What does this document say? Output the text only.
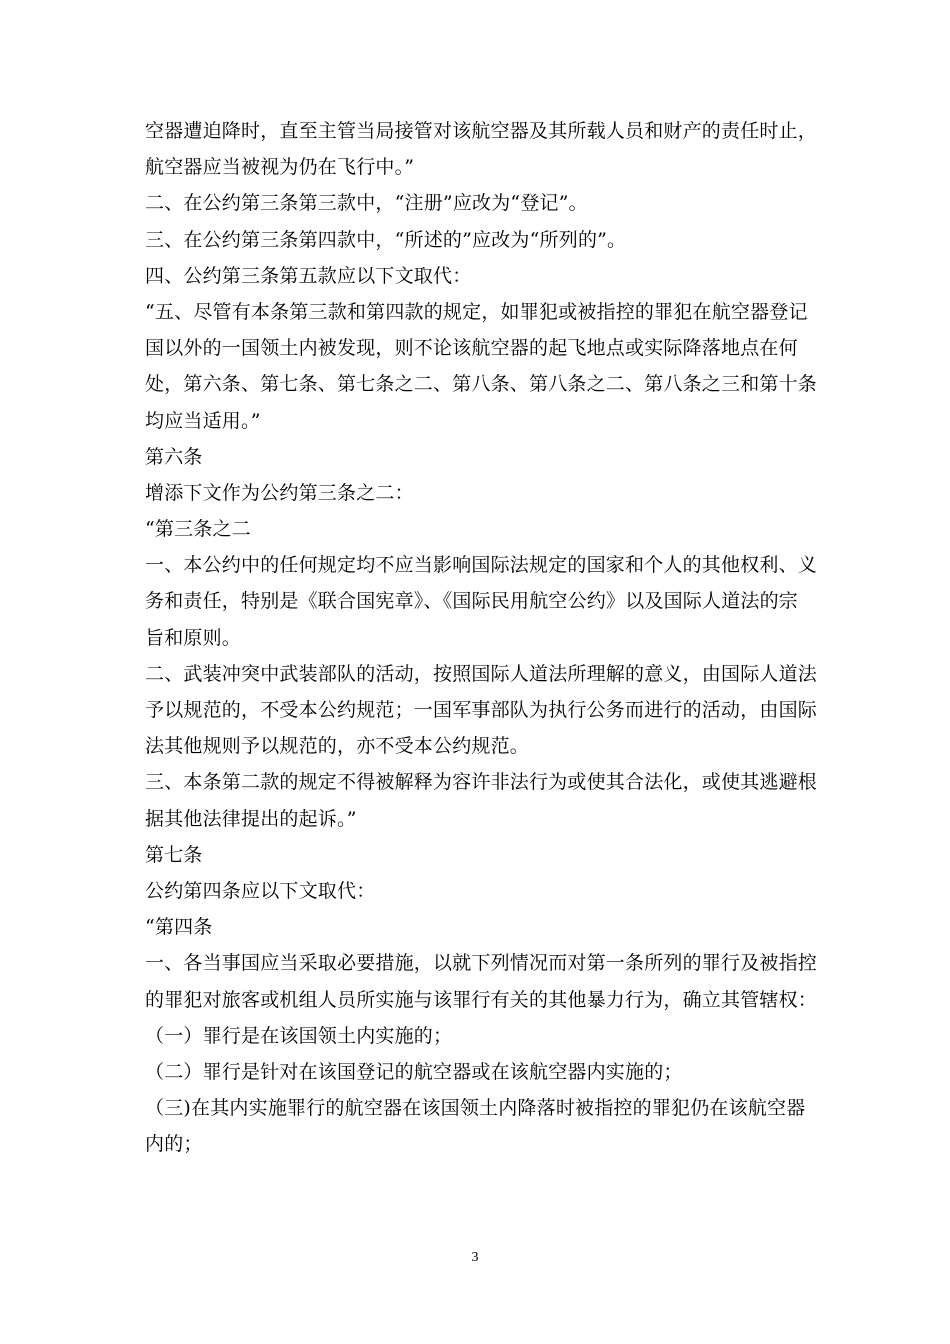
空器遭迫降时，直至主管当局接管对该航空器及其所载人员和财产的责任时止，
航空器应当被视为仍在飞行中。”
二、在公约第三条第三款中，“注册”应改为“登记”。
三、在公约第三条第四款中，“所述的”应改为“所列的”。
四、公约第三条第五款应以下文取代：
“五、尽管有本条第三款和第四款的规定，如罪犯或被指控的罪犯在航空器登记
国以外的一国领土内被发现，则不论该航空器的起飞地点或实际降落地点在何
处，第六条、第七条、第七条之二、第八条、第八条之二、第八条之三和第十条
均应当适用。”
第六条
增添下文作为公约第三条之二：
“第三条之二
一、本公约中的任何规定均不应当影响国际法规定的国家和个人的其他权利、义
务和责任，特别是《联合国宪章》、《国际民用航空公约》以及国际人道法的宗
旨和原则。
二、武装冲突中武装部队的活动，按照国际人道法所理解的意义，由国际人道法
予以规范的，不受本公约规范；一国军事部队为执行公务而进行的活动，由国际
法其他规则予以规范的，亦不受本公约规范。
三、本条第二款的规定不得被解释为容许非法行为或使其合法化，或使其逃避根
据其他法律提出的起诉。”
第七条
公约第四条应以下文取代：
“第四条
一、各当事国应当采取必要措施，以就下列情况而对第一条所列的罪行及被指控
的罪犯对旅客或机组人员所实施与该罪行有关的其他暴力行为，确立其管辖权：
（一）罪行是在该国领土内实施的；
（二）罪行是针对在该国登记的航空器或在该航空器内实施的；
（三)在其内实施罪行的航空器在该国领土内降落时被指控的罪犯仍在该航空器
内的；
3
